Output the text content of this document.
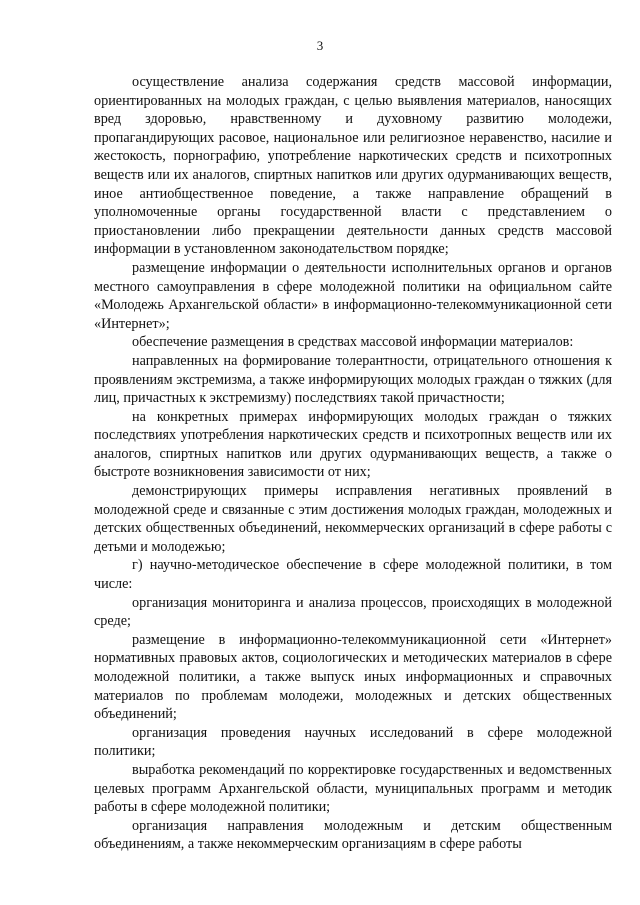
3

осуществление анализа содержания средств массовой информации, ориентированных на молодых граждан, с целью выявления материалов, наносящих вред здоровью, нравственному и духовному развитию молодежи, пропагандирующих расовое, национальное или религиозное неравенство, насилие и жестокость, порнографию, употребление наркотических средств и психотропных веществ или их аналогов, спиртных напитков или других одурманивающих веществ, иное антиобщественное поведение, а также направление обращений в уполномоченные органы государственной власти с представлением о приостановлении либо прекращении деятельности данных средств массовой информации в установленном законодательством порядке;

размещение информации о деятельности исполнительных органов и органов местного самоуправления в сфере молодежной политики на официальном сайте «Молодежь Архангельской области» в информационно-телекоммуникационной сети «Интернет»;

обеспечение размещения в средствах массовой информации материалов:

направленных на формирование толерантности, отрицательного отношения к проявлениям экстремизма, а также информирующих молодых граждан о тяжких (для лиц, причастных к экстремизму) последствиях такой причастности;

на конкретных примерах информирующих молодых граждан о тяжких последствиях употребления наркотических средств и психотропных веществ или их аналогов, спиртных напитков или других одурманивающих веществ, а также о быстроте возникновения зависимости от них;

демонстрирующих примеры исправления негативных проявлений в молодежной среде и связанные с этим достижения молодых граждан, молодежных и детских общественных объединений, некоммерческих организаций в сфере работы с детьми и молодежью;

г) научно-методическое обеспечение в сфере молодежной политики, в том числе:

организация мониторинга и анализа процессов, происходящих в молодежной среде;

размещение в информационно-телекоммуникационной сети «Интернет» нормативных правовых актов, социологических и методических материалов в сфере молодежной политики, а также выпуск иных информационных и справочных материалов по проблемам молодежи, молодежных и детских общественных объединений;

организация проведения научных исследований в сфере молодежной политики;

выработка рекомендаций по корректировке государственных и ведомственных целевых программ Архангельской области, муниципальных программ и методик работы в сфере молодежной политики;

организация направления молодежным и детским общественным объединениям, а также некоммерческим организациям в сфере работы
